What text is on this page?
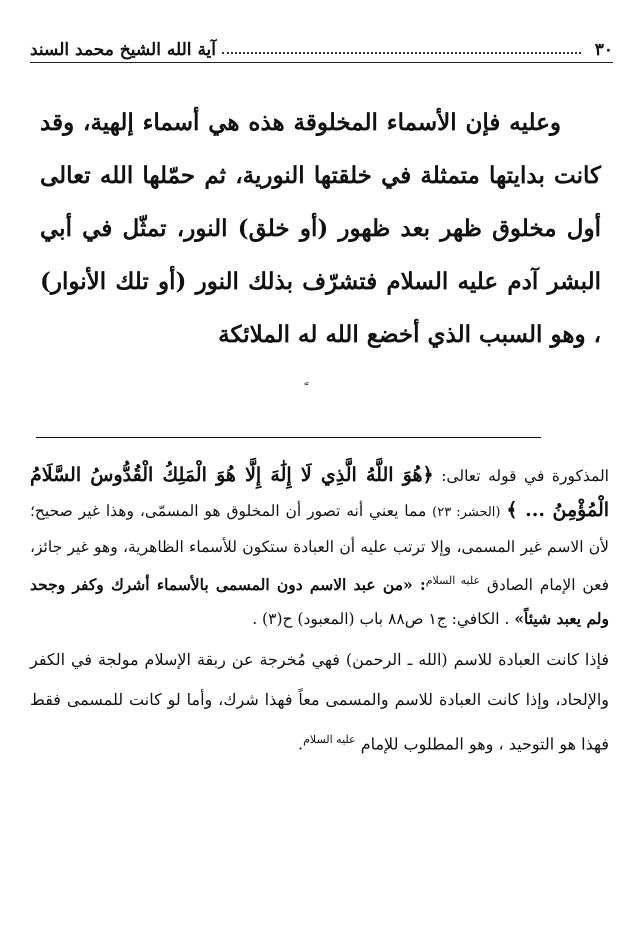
٣٠
آية الله الشيخ محمد السند

وعليه فإن الأسماء المخلوقة هذه هي أسماء إلهية، وقد كانت بدايتها متمثلة في خلقتها النورية، ثم حمّلها الله تعالى أول مخلوق ظهر بعد ظهور (أو خلق) النور، تمثّل في أبي البشر آدم عليه السلام فتشرّف بذلك النور (أو تلك الأنوار) ، وهو السبب الذي أخضع الله له الملائكة

المذكورة في قوله تعالى: ﴿هُوَ اللَّهُ الَّذِي لَا إِلَٰهَ إِلَّا هُوَ الْمَلِكُ الْقُدُّوسُ السَّلَامُ الْمُؤْمِنُ ... ﴾ (الحشر: ٢٣) مما يعني أنه تصور أن المخلوق هو المسمّى، وهذا غير صحيح؛ لأن الاسم غير المسمى، وإلا ترتب عليه أن العبادة ستكون للأسماء الظاهرية، وهو غير جائز، فعن الإمام الصادق $^{عليه السلام}$: «من عبد الاسم دون المسمى بالأسماء أشرك وكفر وجحد ولم يعبد شيئاً» . الكافي: ج١ ص٨٨ باب (المعبود) ح(٣) .

فإذا كانت العبادة للاسم (الله ـ الرحمن) فهي مُخرجة عن ربقة الإسلام مولجة في الكفر والإلحاد، وإذا كانت العبادة للاسم والمسمى معاً فهذا شرك، وأما لو كانت للمسمى فقط فهذا هو التوحيد ، وهو المطلوب للإمام $^{عليه السلام}$.
